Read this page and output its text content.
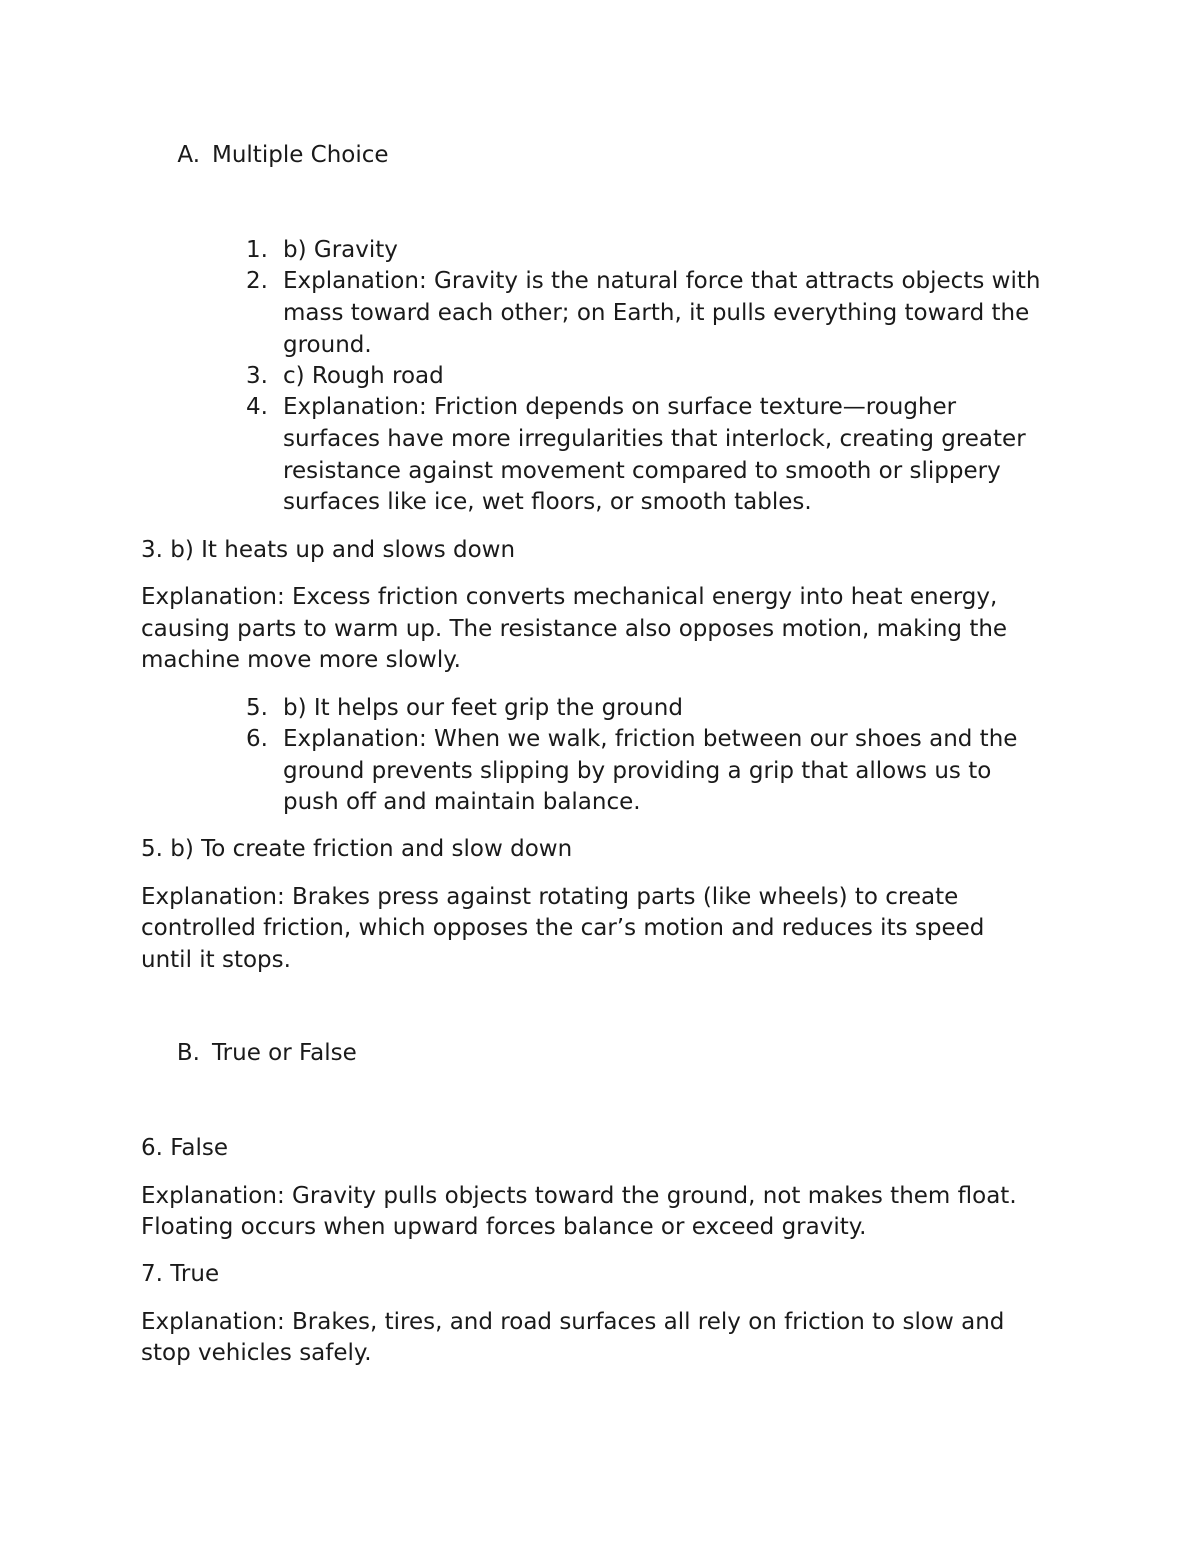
A. Multiple Choice
1. b) Gravity
2. Explanation: Gravity is the natural force that attracts objects with
mass toward each other; on Earth, it pulls everything toward the
ground.
3. c) Rough road
4. Explanation: Friction depends on surface texture—rougher
surfaces have more irregularities that interlock, creating greater
resistance against movement compared to smooth or slippery
surfaces like ice, wet floors, or smooth tables.
3. b) It heats up and slows down
Explanation: Excess friction converts mechanical energy into heat energy,
causing parts to warm up. The resistance also opposes motion, making the
machine move more slowly.
5. b) It helps our feet grip the ground
6. Explanation: When we walk, friction between our shoes and the
ground prevents slipping by providing a grip that allows us to
push off and maintain balance.
5. b) To create friction and slow down
Explanation: Brakes press against rotating parts (like wheels) to create
controlled friction, which opposes the car’s motion and reduces its speed
until it stops.
B. True or False
6. False
Explanation: Gravity pulls objects toward the ground, not makes them float.
Floating occurs when upward forces balance or exceed gravity.
7. True
Explanation: Brakes, tires, and road surfaces all rely on friction to slow and
stop vehicles safely.
